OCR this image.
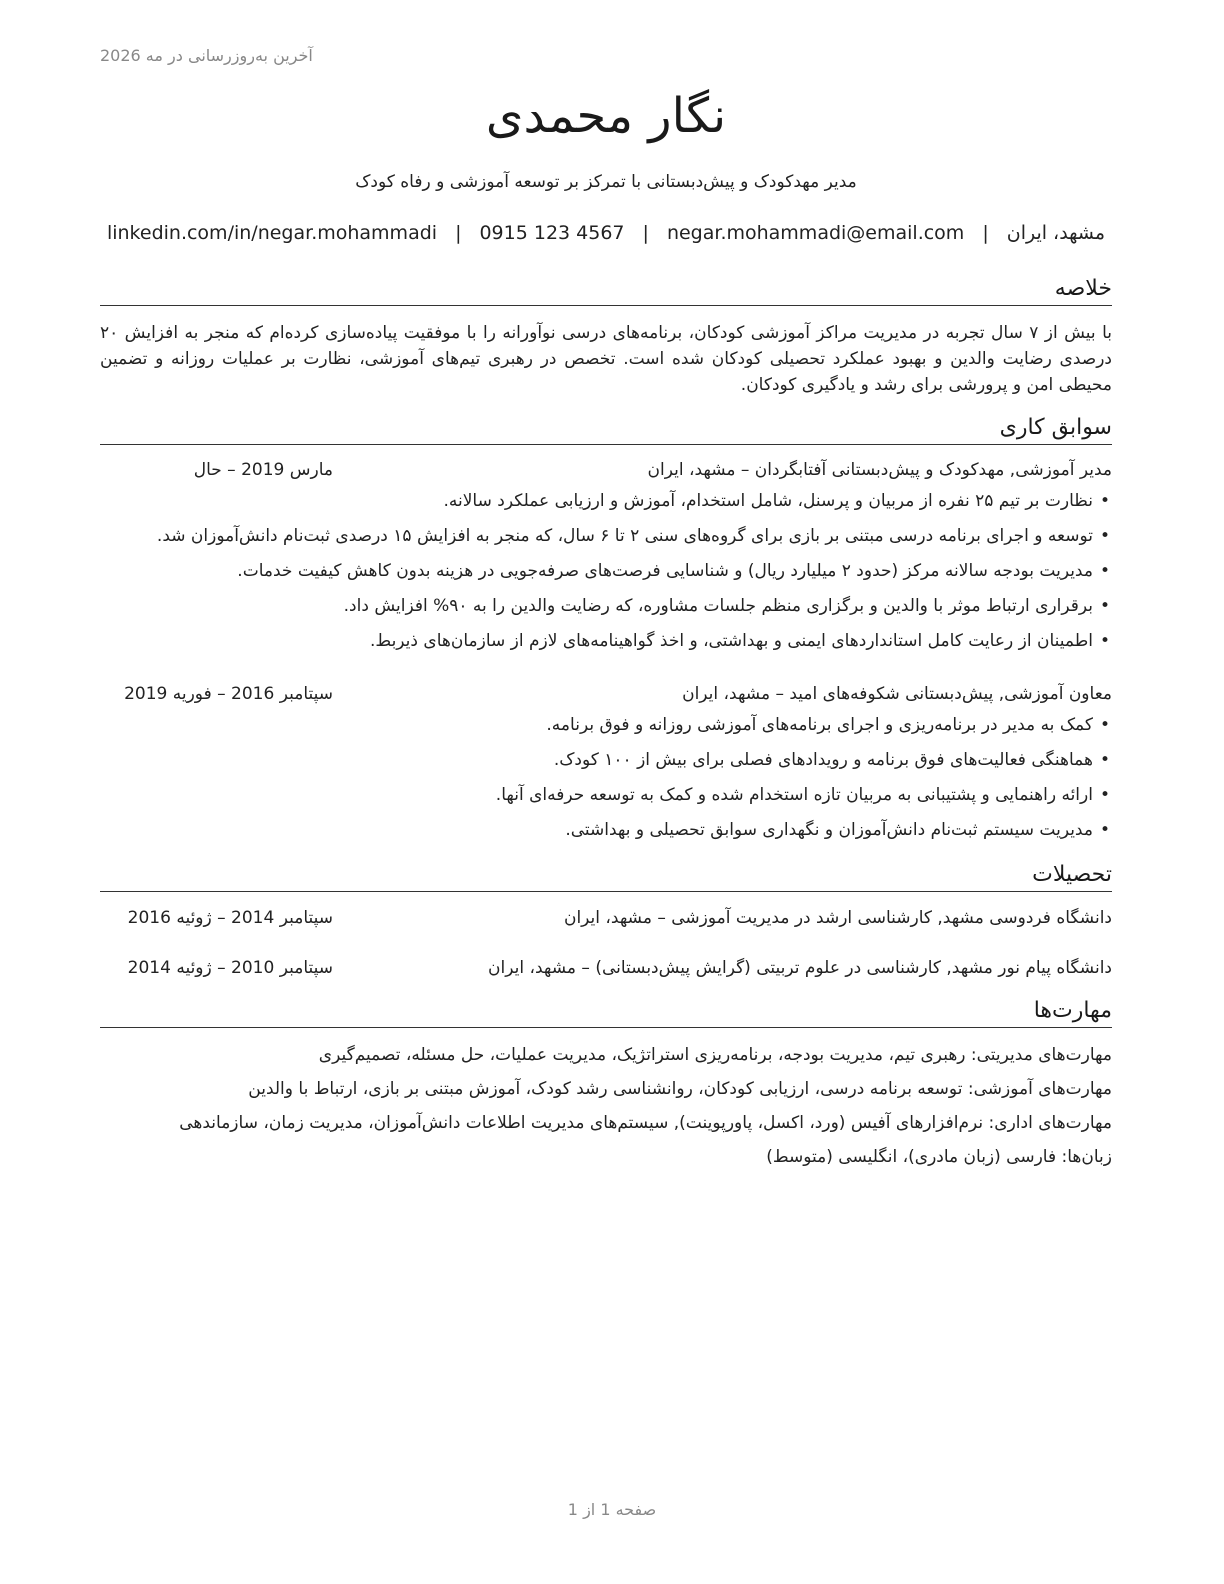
آخرین به‌روزرسانی در مه 2026
نگار محمدی
مدیر مهدکودک و پیش‌دبستانی با تمرکز بر توسعه آموزشی و رفاه کودک
مشهد، ایران
|
negar.mohammadi@email.com
|
0915 123 4567
|
linkedin.com/in/negar.mohammadi
خلاصه
با بیش از ۷ سال تجربه در مدیریت مراکز آموزشی کودکان، برنامه‌های درسی نوآورانه را با موفقیت پیاده‌سازی کرده‌ام که منجر به افزایش ۲۰ درصدی رضایت والدین و بهبود عملکرد تحصیلی کودکان شده است. تخصص در رهبری تیم‌های آموزشی، نظارت بر عملیات روزانه و تضمین محیطی امن و پرورشی برای رشد و یادگیری کودکان.
سوابق کاری
مدیر آموزشی, مهدکودک و پیش‌دبستانی آفتابگردان – مشهد، ایران
مارس 2019 – حال
• نظارت بر تیم ۲۵ نفره از مربیان و پرسنل، شامل استخدام، آموزش و ارزیابی عملکرد سالانه.
• توسعه و اجرای برنامه درسی مبتنی بر بازی برای گروه‌های سنی ۲ تا ۶ سال، که منجر به افزایش ۱۵ درصدی ثبت‌نام دانش‌آموزان شد.
• مدیریت بودجه سالانه مرکز (حدود ۲ میلیارد ریال) و شناسایی فرصت‌های صرفه‌جویی در هزینه بدون کاهش کیفیت خدمات.
• برقراری ارتباط موثر با والدین و برگزاری منظم جلسات مشاوره، که رضایت والدین را به ۹۰% افزایش داد.
• اطمینان از رعایت کامل استانداردهای ایمنی و بهداشتی، و اخذ گواهینامه‌های لازم از سازمان‌های ذیربط.
معاون آموزشی, پیش‌دبستانی شکوفه‌های امید – مشهد، ایران
سپتامبر 2016 – فوریه 2019
• کمک به مدیر در برنامه‌ریزی و اجرای برنامه‌های آموزشی روزانه و فوق برنامه.
• هماهنگی فعالیت‌های فوق برنامه و رویدادهای فصلی برای بیش از ۱۰۰ کودک.
• ارائه راهنمایی و پشتیبانی به مربیان تازه استخدام شده و کمک به توسعه حرفه‌ای آنها.
• مدیریت سیستم ثبت‌نام دانش‌آموزان و نگهداری سوابق تحصیلی و بهداشتی.
تحصیلات
دانشگاه فردوسی مشهد, کارشناسی ارشد در مدیریت آموزشی – مشهد، ایران
سپتامبر 2014 – ژوئیه 2016
دانشگاه پیام نور مشهد, کارشناسی در علوم تربیتی (گرایش پیش‌دبستانی) – مشهد، ایران
سپتامبر 2010 – ژوئیه 2014
مهارت‌ها
مهارت‌های مدیریتی: رهبری تیم، مدیریت بودجه، برنامه‌ریزی استراتژیک، مدیریت عملیات، حل مسئله، تصمیم‌گیری
مهارت‌های آموزشی: توسعه برنامه درسی، ارزیابی کودکان، روانشناسی رشد کودک، آموزش مبتنی بر بازی، ارتباط با والدین
مهارت‌های اداری: نرم‌افزارهای آفیس (ورد، اکسل، پاورپوینت), سیستم‌های مدیریت اطلاعات دانش‌آموزان، مدیریت زمان، سازماندهی
زبان‌ها: فارسی (زبان مادری)، انگلیسی (متوسط)
صفحه 1 از 1
